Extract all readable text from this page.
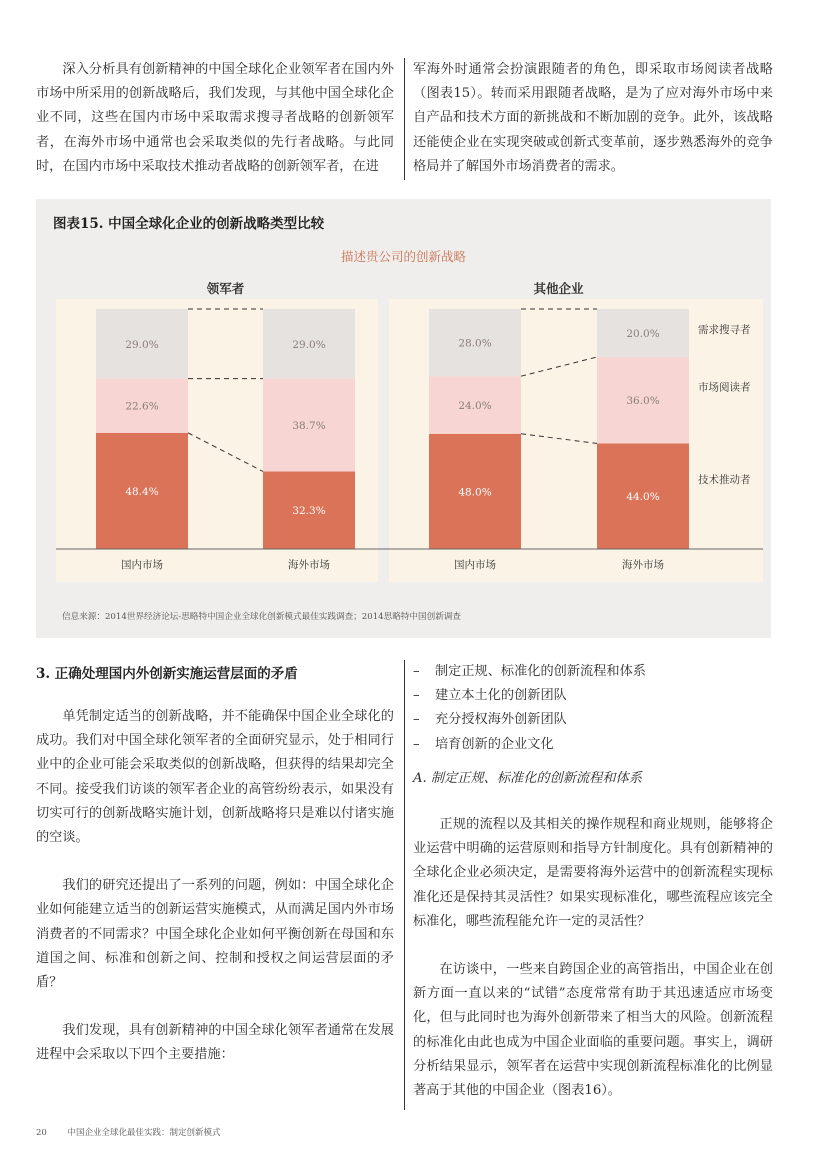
深入分析具有创新精神的中国全球化企业领军者在国内外市场中所采用的创新战略后，我们发现，与其他中国全球化企业不同，这些在国内市场中采取需求搜寻者战略的创新领军者，在海外市场中通常也会采取类似的先行者战略。与此同时，在国内市场中采取技术推动者战略的创新领军者，在进
军海外时通常会扮演跟随者的角色，即采取市场阅读者战略（图表15）。转而采用跟随者战略，是为了应对海外市场中来自产品和技术方面的新挑战和不断加剧的竞争。此外，该战略还能使企业在实现突破或创新式变革前，逐步熟悉海外的竞争格局并了解国外市场消费者的需求。
图表15. 中国全球化企业的创新战略类型比较
描述贵公司的创新战略
领军者	其他企业
48.4%
22.6%
29.0%
国内市场
32.3%
38.7%
29.0%
海外市场
48.0%
24.0%
28.0%
国内市场
44.0%
36.0%
20.0%
海外市场
技术推动者
市场阅读者
需求搜寻者
信息来源：2014世界经济论坛-思略特中国企业全球化创新模式最佳实践调查；2014思略特中国创新调查
3. 正确处理国内外创新实施运营层面的矛盾

单凭制定适当的创新战略，并不能确保中国企业全球化的成功。我们对中国全球化领军者的全面研究显示，处于相同行业中的企业可能会采取类似的创新战略，但获得的结果却完全不同。接受我们访谈的领军者企业的高管纷纷表示，如果没有切实可行的创新战略实施计划，创新战略将只是难以付诸实施的空谈。

我们的研究还提出了一系列的问题，例如：中国全球化企业如何能建立适当的创新运营实施模式，从而满足国内外市场消费者的不同需求？中国全球化企业如何平衡创新在母国和东道国之间、标准和创新之间、控制和授权之间运营层面的矛盾？

我们发现，具有创新精神的中国全球化领军者通常在发展进程中会采取以下四个主要措施：

–	制定正规、标准化的创新流程和体系
–	建立本土化的创新团队
–	充分授权海外创新团队
–	培育创新的企业文化
A. 制定正规、标准化的创新流程和体系

正规的流程以及其相关的操作规程和商业规则，能够将企业运营中明确的运营原则和指导方针制度化。具有创新精神的全球化企业必须决定，是需要将海外运营中的创新流程实现标准化还是保持其灵活性？如果实现标准化，哪些流程应该完全标准化，哪些流程能允许一定的灵活性？

在访谈中，一些来自跨国企业的高管指出，中国企业在创新方面一直以来的“试错”态度常常有助于其迅速适应市场变化，但与此同时也为海外创新带来了相当大的风险。创新流程的标准化由此也成为中国企业面临的重要问题。事实上，调研分析结果显示，领军者在运营中实现创新流程标准化的比例显著高于其他的中国企业（图表16）。

20 中国企业全球化最佳实践：制定创新模式
